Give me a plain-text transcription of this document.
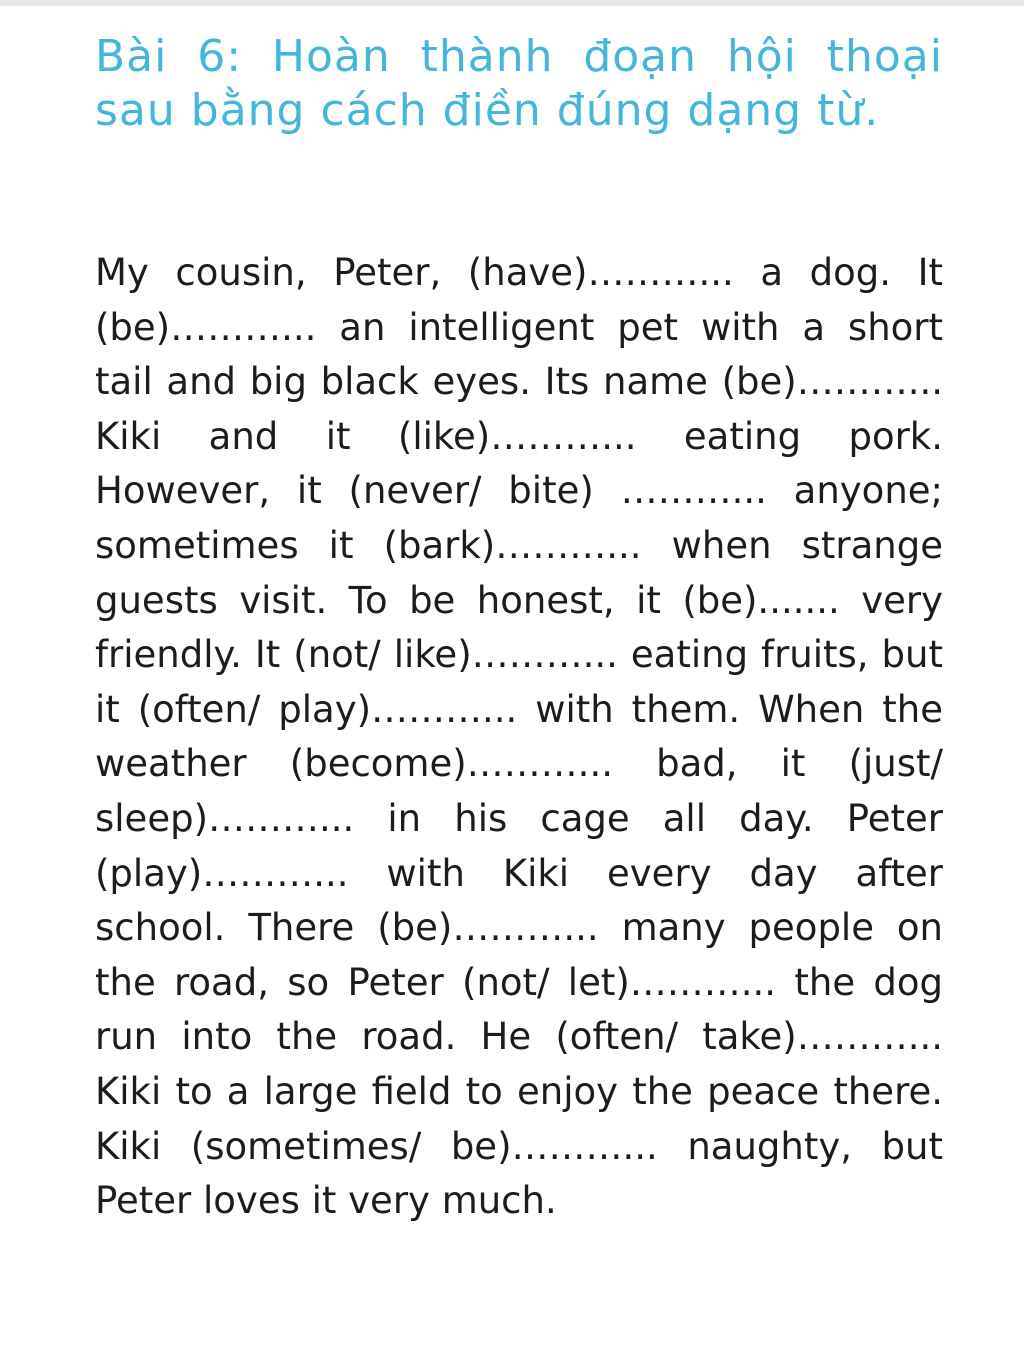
Bài 6: Hoàn thành đoạn hội thoại sau bằng cách điền đúng dạng từ.

My cousin, Peter, (have)………... a dog. It (be)………... an intelligent pet with a short tail and big black eyes. Its name (be)………... Kiki and it (like)………... eating pork. However, it (never/ bite) ………... anyone; sometimes it (bark)………... when strange guests visit. To be honest, it (be)....... very friendly. It (not/ like)………... eating fruits, but it (often/ play)………... with them. When the weather (become)………... bad, it (just/ sleep)………... in his cage all day. Peter (play)………... with Kiki every day after school. There (be)………... many people on the road, so Peter (not/ let)………... the dog run into the road. He (often/ take)………... Kiki to a large field to enjoy the peace there. Kiki (sometimes/ be)………... naughty, but Peter loves it very much.
